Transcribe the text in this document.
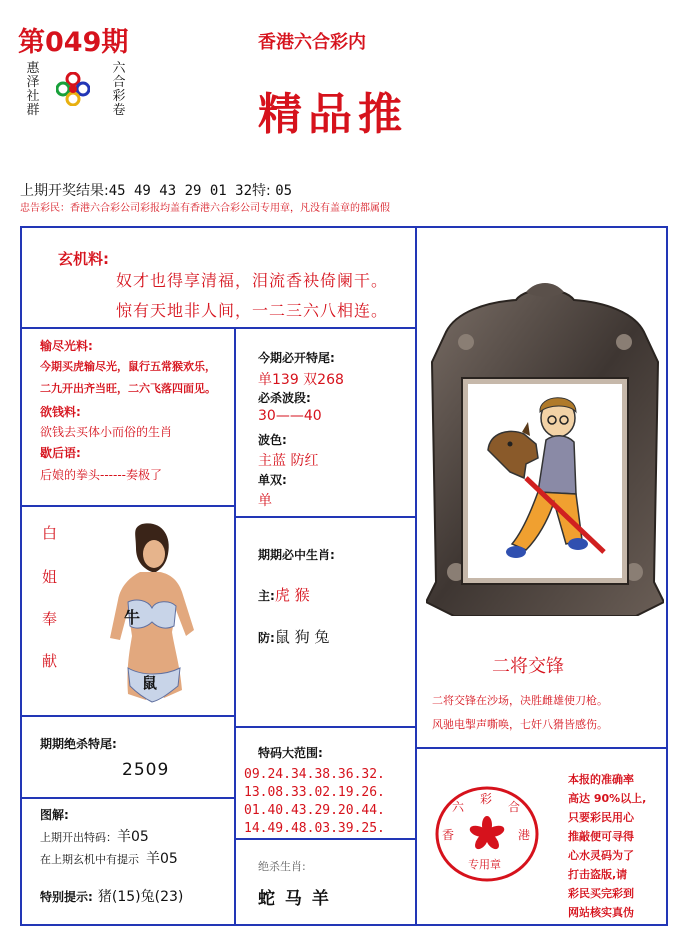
第049期
惠泽社群
六合彩卷
香港六合彩内
精品推
上期开奖结果:45 49 43 29 01 32特: 05
忠告彩民：香港六合彩公司彩报均盖有香港六合彩公司专用章，凡没有盖章的都属假
玄机料:
奴才也得享清福，泪流香袂倚阑干。
惊有天地非人间，一二三六八相连。
输尽光料:
今期买虎输尽光，鼠行五常猴欢乐，
二九开出齐当旺，二六飞落四面见。
欲钱料:
欲钱去买体小而俗的生肖
歇后语:
后娘的拳头------奏极了
今期必开特尾:
单139 双268
必杀波段:
30——40
波色:
主蓝 防红
单双:
单
白
姐
奉
献
牛
鼠
期期必中生肖:
主:虎 猴
防:鼠 狗 兔
二将交锋
二将交锋在沙场，决胜雌雄使刀枪。
风驰电掣声嘶唤，七奸八猾皆感伤。
期期绝杀特尾:
2509
特码大范围:
09.24.34.38.36.32.
13.08.33.02.19.26.
01.40.43.29.20.44.
14.49.48.03.39.25.
图解:
上期开出特码：羊05
在上期玄机中有提示 羊05
特别提示: 猪(15)兔(23)
绝杀生肖:
蛇 马 羊
六
彩
合
香	港
专用章
本报的准确率
高达 90%以上,
只要彩民用心
推敲便可寻得
心水灵码为了
打击盗版,请
彩民买完彩到
网站核实真伪
